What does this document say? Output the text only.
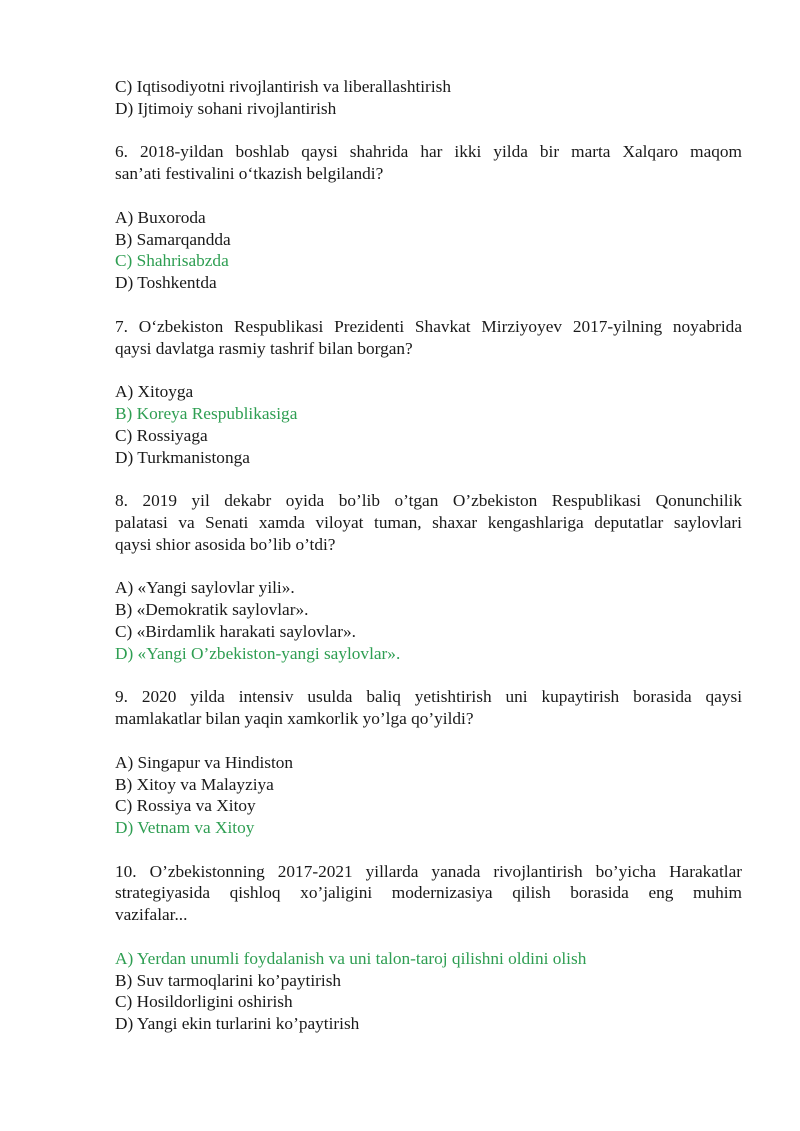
C) Iqtisodiyotni rivojlantirish va liberallashtirish
D) Ijtimoiy sohani rivojlantirish
6. 2018-yildan boshlab qaysi shahrida har ikki yilda bir marta Xalqaro maqom
san’ati festivalini o‘tkazish belgilandi?
A) Buxoroda
B) Samarqandda
C) Shahrisabzda
D) Toshkentda
7. O‘zbekiston Respublikasi Prezidenti Shavkat Mirziyoyev 2017-yilning noyabrida
qaysi davlatga rasmiy tashrif bilan borgan?
A) Xitoyga
B) Koreya Respublikasiga
C) Rossiyaga
D) Turkmanistonga
8. 2019 yil dekabr oyida bo’lib o’tgan O’zbekiston Respublikasi Qonunchilik
palatasi va Senati xamda viloyat tuman, shaxar kengashlariga deputatlar saylovlari
qaysi shior asosida bo’lib o’tdi?
A) «Yangi saylovlar yili».
B) «Demokratik saylovlar».
C) «Birdamlik harakati saylovlar».
D) «Yangi O’zbekiston-yangi saylovlar».
9. 2020 yilda intensiv usulda baliq yetishtirish uni kupaytirish borasida qaysi
mamlakatlar bilan yaqin xamkorlik yo’lga qo’yildi?
A) Singapur va Hindiston
B) Xitoy va Malayziya
C) Rossiya va Xitoy
D) Vetnam va Xitoy
10. O’zbekistonning 2017-2021 yillarda yanada rivojlantirish bo’yicha Harakatlar
strategiyasida qishloq xo’jaligini modernizasiya qilish borasida eng muhim
vazifalar...
A) Yerdan unumli foydalanish va uni talon-taroj qilishni oldini olish
B) Suv tarmoqlarini ko’paytirish
C) Hosildorligini oshirish
D) Yangi ekin turlarini ko’paytirish
